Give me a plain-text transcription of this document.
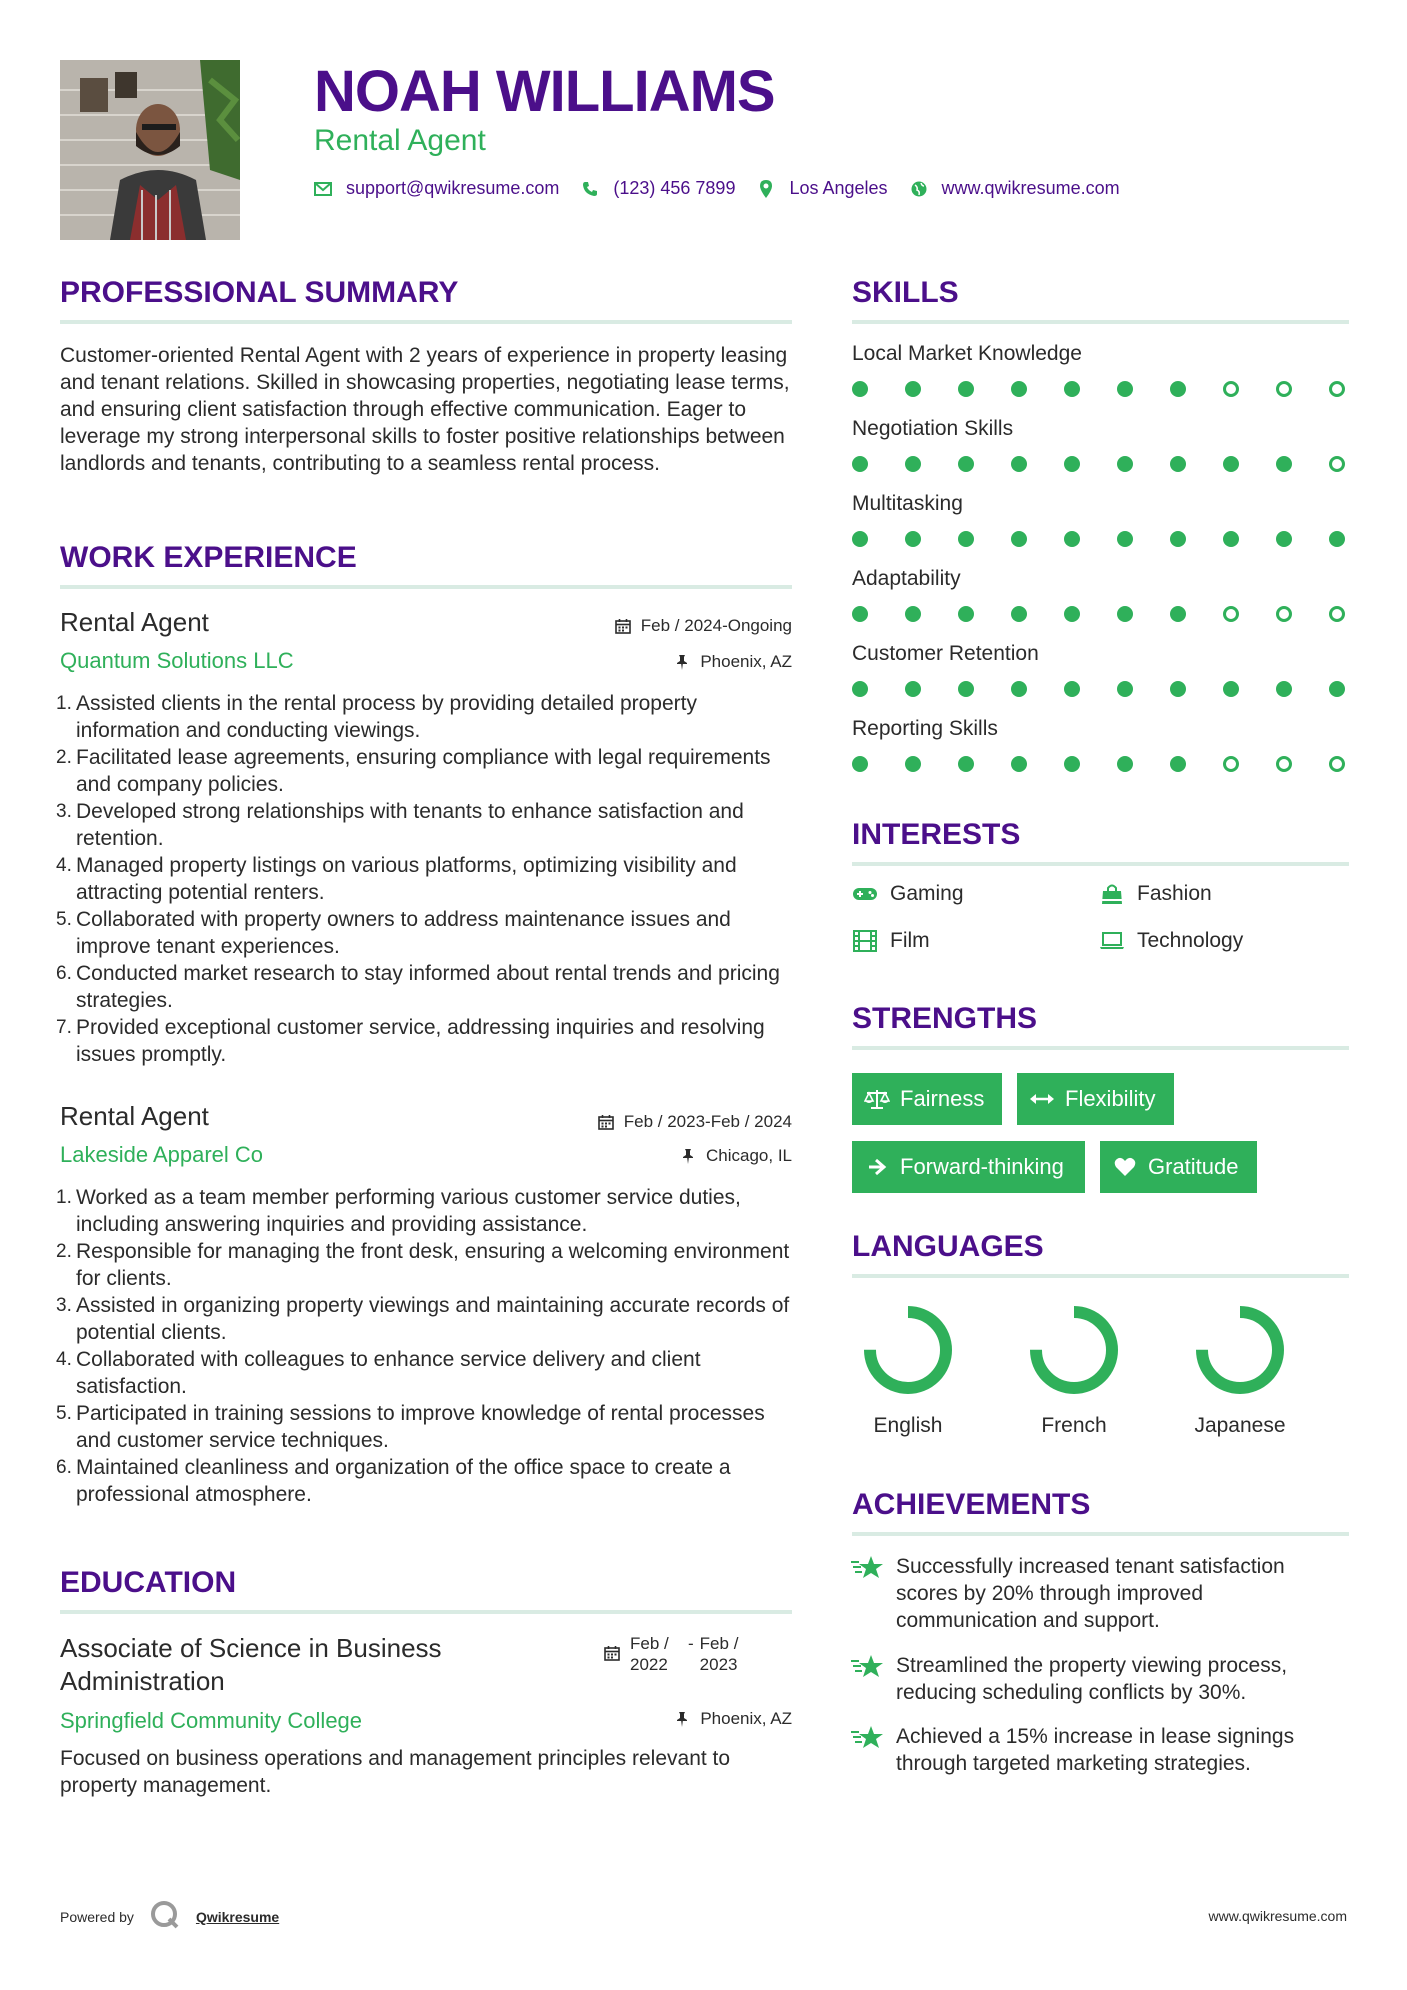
NOAH WILLIAMS
Rental Agent
support@qwikresume.com	(123) 456 7899	Los Angeles	www.qwikresume.com
PROFESSIONAL SUMMARY
Customer-oriented Rental Agent with 2 years of experience in property leasing and tenant relations. Skilled in showcasing properties, negotiating lease terms, and ensuring client satisfaction through effective communication. Eager to leverage my strong interpersonal skills to foster positive relationships between landlords and tenants, contributing to a seamless rental process.
WORK EXPERIENCE
Rental Agent	Feb / 2024-Ongoing
Quantum Solutions LLC	Phoenix, AZ
1. Assisted clients in the rental process by providing detailed property information and conducting viewings.
2. Facilitated lease agreements, ensuring compliance with legal requirements and company policies.
3. Developed strong relationships with tenants to enhance satisfaction and retention.
4. Managed property listings on various platforms, optimizing visibility and attracting potential renters.
5. Collaborated with property owners to address maintenance issues and improve tenant experiences.
6. Conducted market research to stay informed about rental trends and pricing strategies.
7. Provided exceptional customer service, addressing inquiries and resolving issues promptly.
Rental Agent	Feb / 2023-Feb / 2024
Lakeside Apparel Co	Chicago, IL
1. Worked as a team member performing various customer service duties, including answering inquiries and providing assistance.
2. Responsible for managing the front desk, ensuring a welcoming environment for clients.
3. Assisted in organizing property viewings and maintaining accurate records of potential clients.
4. Collaborated with colleagues to enhance service delivery and client satisfaction.
5. Participated in training sessions to improve knowledge of rental processes and customer service techniques.
6. Maintained cleanliness and organization of the office space to create a professional atmosphere.
EDUCATION
Associate of Science in Business Administration
Feb / 2022
- Feb / 2023
Springfield Community College	Phoenix, AZ
Focused on business operations and management principles relevant to property management.
SKILLS
Local Market Knowledge
Negotiation Skills
Multitasking
Adaptability
Customer Retention
Reporting Skills
INTERESTS
Gaming	Fashion
Film	Technology
STRENGTHS
Fairness	Flexibility
Forward-thinking	Gratitude
LANGUAGES
English	French	Japanese
ACHIEVEMENTS
Successfully increased tenant satisfaction scores by 20% through improved communication and support.
Streamlined the property viewing process, reducing scheduling conflicts by 30%.
Achieved a 15% increase in lease signings through targeted marketing strategies.
Powered by	Qwikresume	www.qwikresume.com
